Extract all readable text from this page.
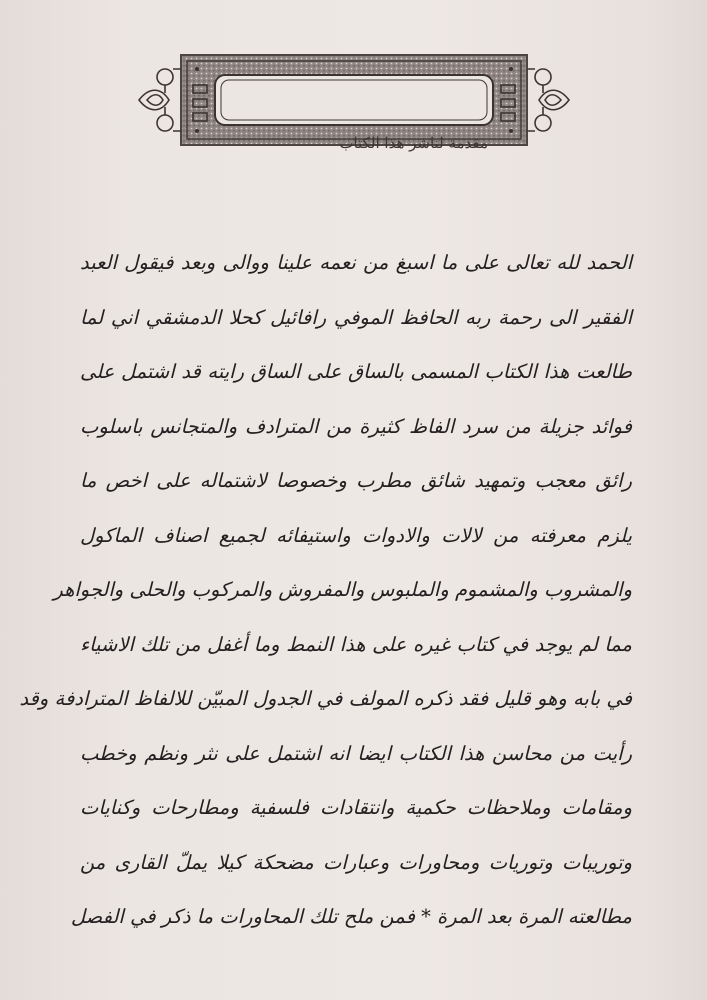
مقدمة لناشر هذا الكتاب
الحمد لله تعالى على ما اسبغ من نعمه علينا ووالى وبعد فيقول العبد
الفقير الى رحمة ربه الحافظ الموفي رافائيل كحلا الدمشقي اني لما
طالعت هذا الكتاب المسمى بالساق على الساق رايته قد اشتمل على
فوائد جزيلة من سرد الفاظ كثيرة من المترادف والمتجانس باسلوب
رائق معجب وتمهيد شائق مطرب وخصوصا لاشتماله على اخص ما
يلزم معرفته من لالات والادوات واستيفائه لجميع اصناف الماكول
والمشروب والمشموم والملبوس والمفروش والمركوب والحلى والجواهر
مما لم يوجد في كتاب غيره على هذا النمط وما أغفل من تلك الاشياء
في بابه وهو قليل فقد ذكره المولف في الجدول المبيّن للالفاظ المترادفة وقد
رأيت من محاسن هذا الكتاب ايضا انه اشتمل على نثر ونظم وخطب
ومقامات وملاحظات حكمية وانتقادات فلسفية ومطارحات وكنايات
وتوريبات وتوريات ومحاورات وعبارات مضحكة كيلا يملّ القارى من
مطالعته المرة بعد المرة * فمن ملح تلك المحاورات ما ذكر في الفصل
